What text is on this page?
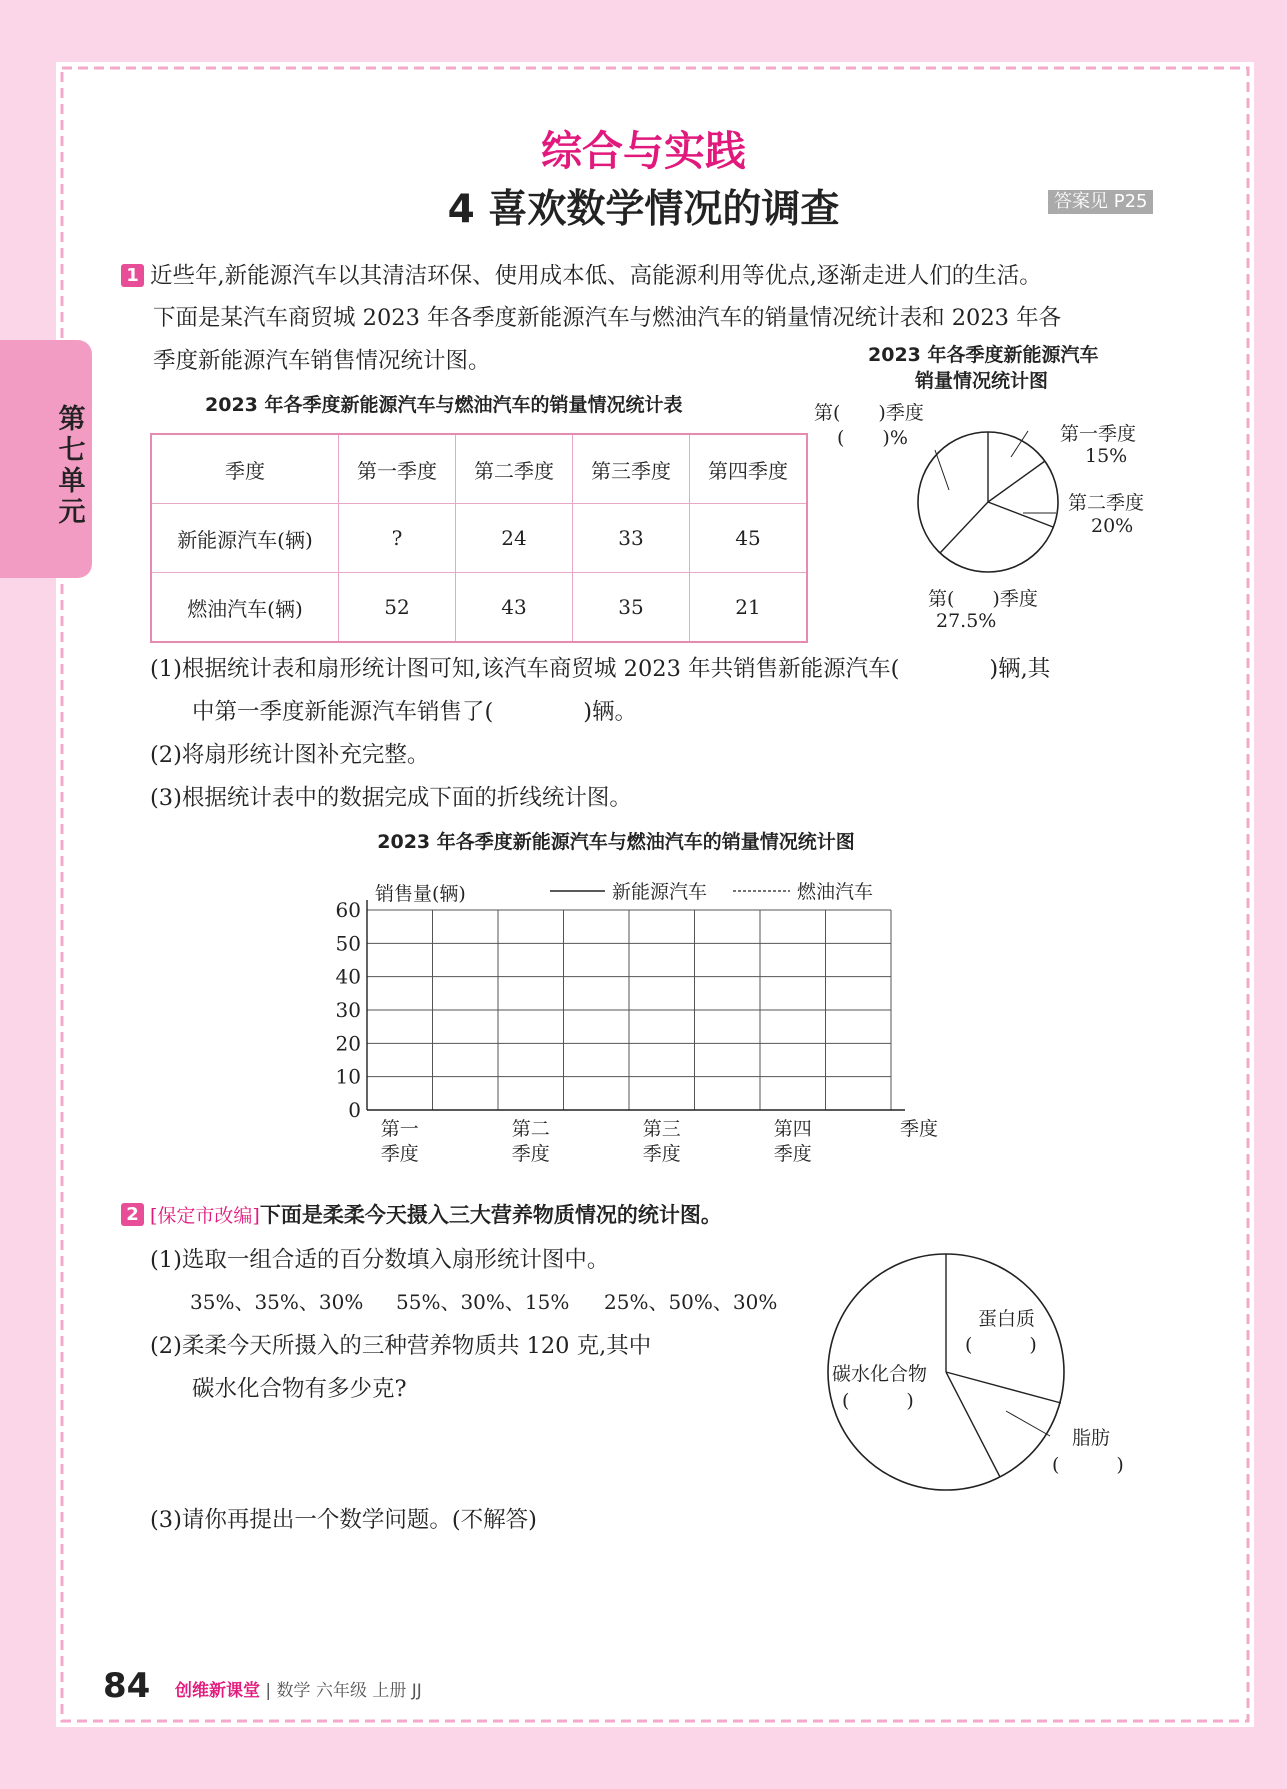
第七单元
综合与实践
4 喜欢数学情况的调查	答案见 P25
1 近些年,新能源汽车以其清洁环保、使用成本低、高能源利用等优点,逐渐走进人们的生活。
下面是某汽车商贸城 2023 年各季度新能源汽车与燃油汽车的销量情况统计表和 2023 年各
季度新能源汽车销售情况统计图。
2023 年各季度新能源汽车与燃油汽车的销量情况统计表
季度	第一季度	第二季度	第三季度	第四季度
新能源汽车(辆)	?	24	33	45
燃油汽车(辆)	52	43	35	21
2023 年各季度新能源汽车
销量情况统计图
第(　　)季度
(　　)%	第一季度
15%
第二季度
20%
第(　　)季度
27.5%
(1)根据统计表和扇形统计图可知,该汽车商贸城 2023 年共销售新能源汽车(　　　　)辆,其
中第一季度新能源汽车销售了(　　　　)辆。
(2)将扇形统计图补充完整。
(3)根据统计表中的数据完成下面的折线统计图。
2023 年各季度新能源汽车与燃油汽车的销量情况统计图
0
10
20
30
40
50
60
销售量(辆)	新能源汽车	燃油汽车
第一
季度
第二
季度
第三
季度
第四
季度
季度
2 [保定市改编]下面是柔柔今天摄入三大营养物质情况的统计图。
(1)选取一组合适的百分数填入扇形统计图中。
35%、35%、30% 55%、30%、15% 25%、50%、30%
(2)柔柔今天所摄入的三种营养物质共 120 克,其中
碳水化合物有多少克?
(3)请你再提出一个数学问题。(不解答)
蛋白质
(　　　)
碳水化合物
(　　　)
脂肪
(　　　)
84 创维新课堂 | 数学 六年级 上册 JJ
